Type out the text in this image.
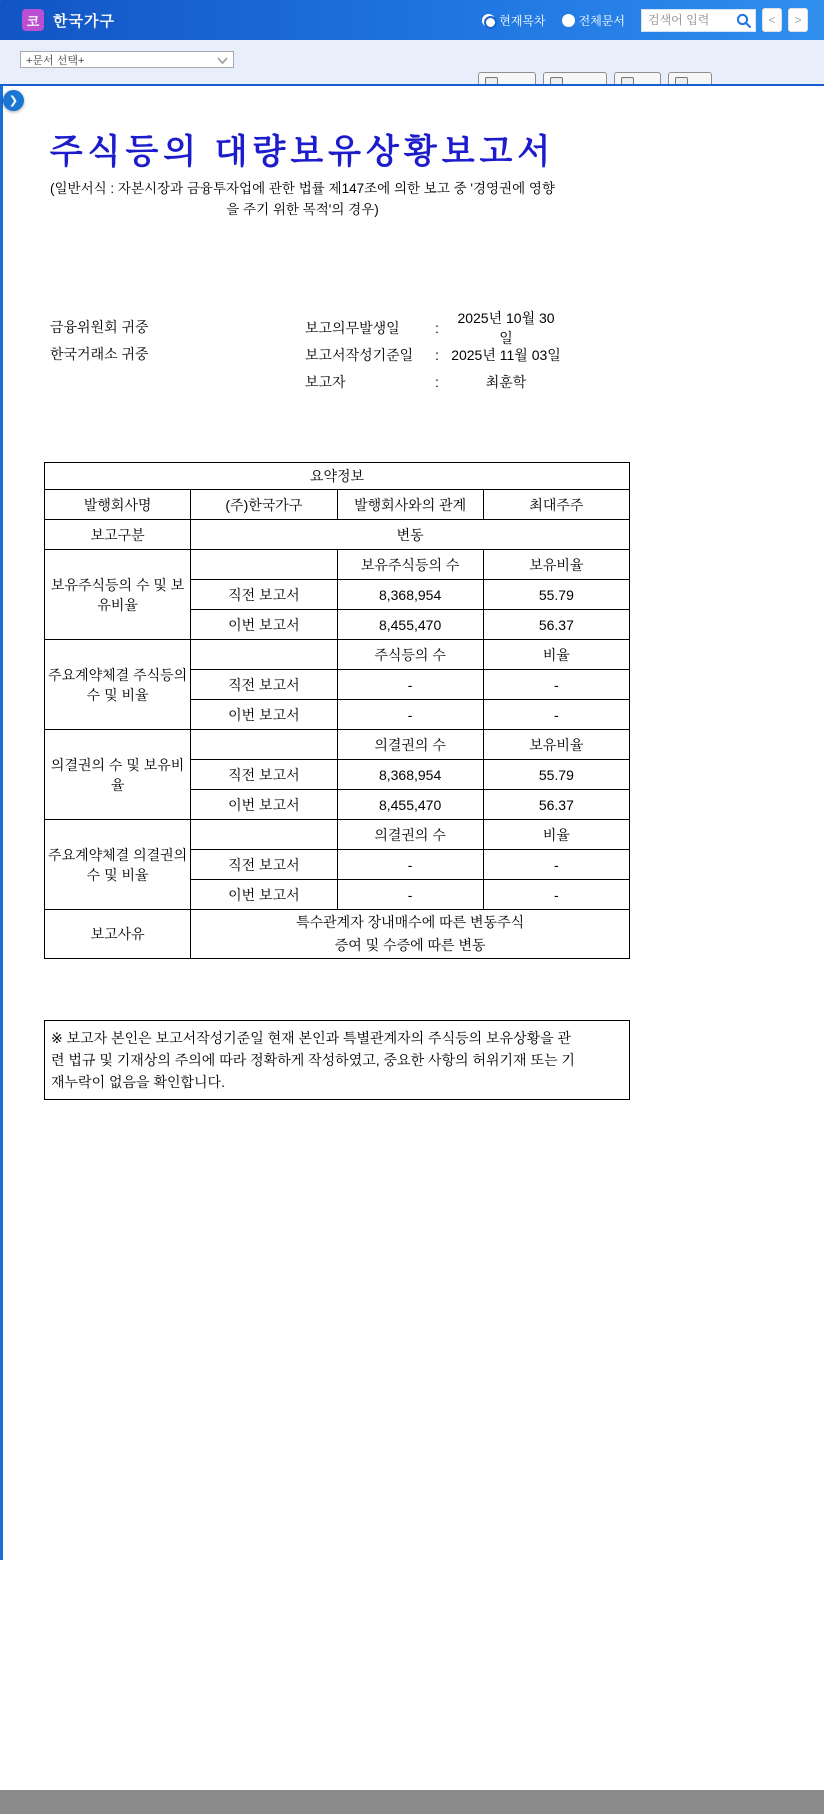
코 한국가구	현재목차	전체문서
검색어 입력	<	>
+문서 선택+
❯
주식등의 대량보유상황보고서
(일반서식 : 자본시장과 금융투자업에 관한 법률 제147조에 의한 보고 중 '경영권에 영향
을 주기 위한 목적'의 경우)
금융위원회 귀중
한국거래소 귀중
보고의무발생일	:
2025년 10월 30일
보고서작성기준일	: 2025년 11월 03일
보고자	:	최훈학
요약정보			
발행회사명	(주)한국가구	발행회사와의 관계	최대주주
보고구분	변동		
보유주식등의 수 및 보유비율		보유주식등의 수	보유비율
	직전 보고서	8,368,954	55.79
	이번 보고서	8,455,470	56.37
주요계약체결 주식등의 수 및 비율		주식등의 수	비율
	직전 보고서	-	-
	이번 보고서	-	-
의결권의 수 및 보유비율		의결권의 수	보유비율
	직전 보고서	8,368,954	55.79
	이번 보고서	8,455,470	56.37
주요계약체결 의결권의 수 및 비율		의결권의 수	비율
	직전 보고서	-	-
	이번 보고서	-	-
보고사유	특수관계자 장내매수에 따른 변동주식
증여 및 수증에 따른 변동		
※ 보고자 본인은 보고서작성기준일 현재 본인과 특별관계자의 주식등의 보유상황을 관
련 법규 및 기재상의 주의에 따라 정확하게 작성하였고, 중요한 사항의 허위기재 또는 기
재누락이 없음을 확인합니다.
